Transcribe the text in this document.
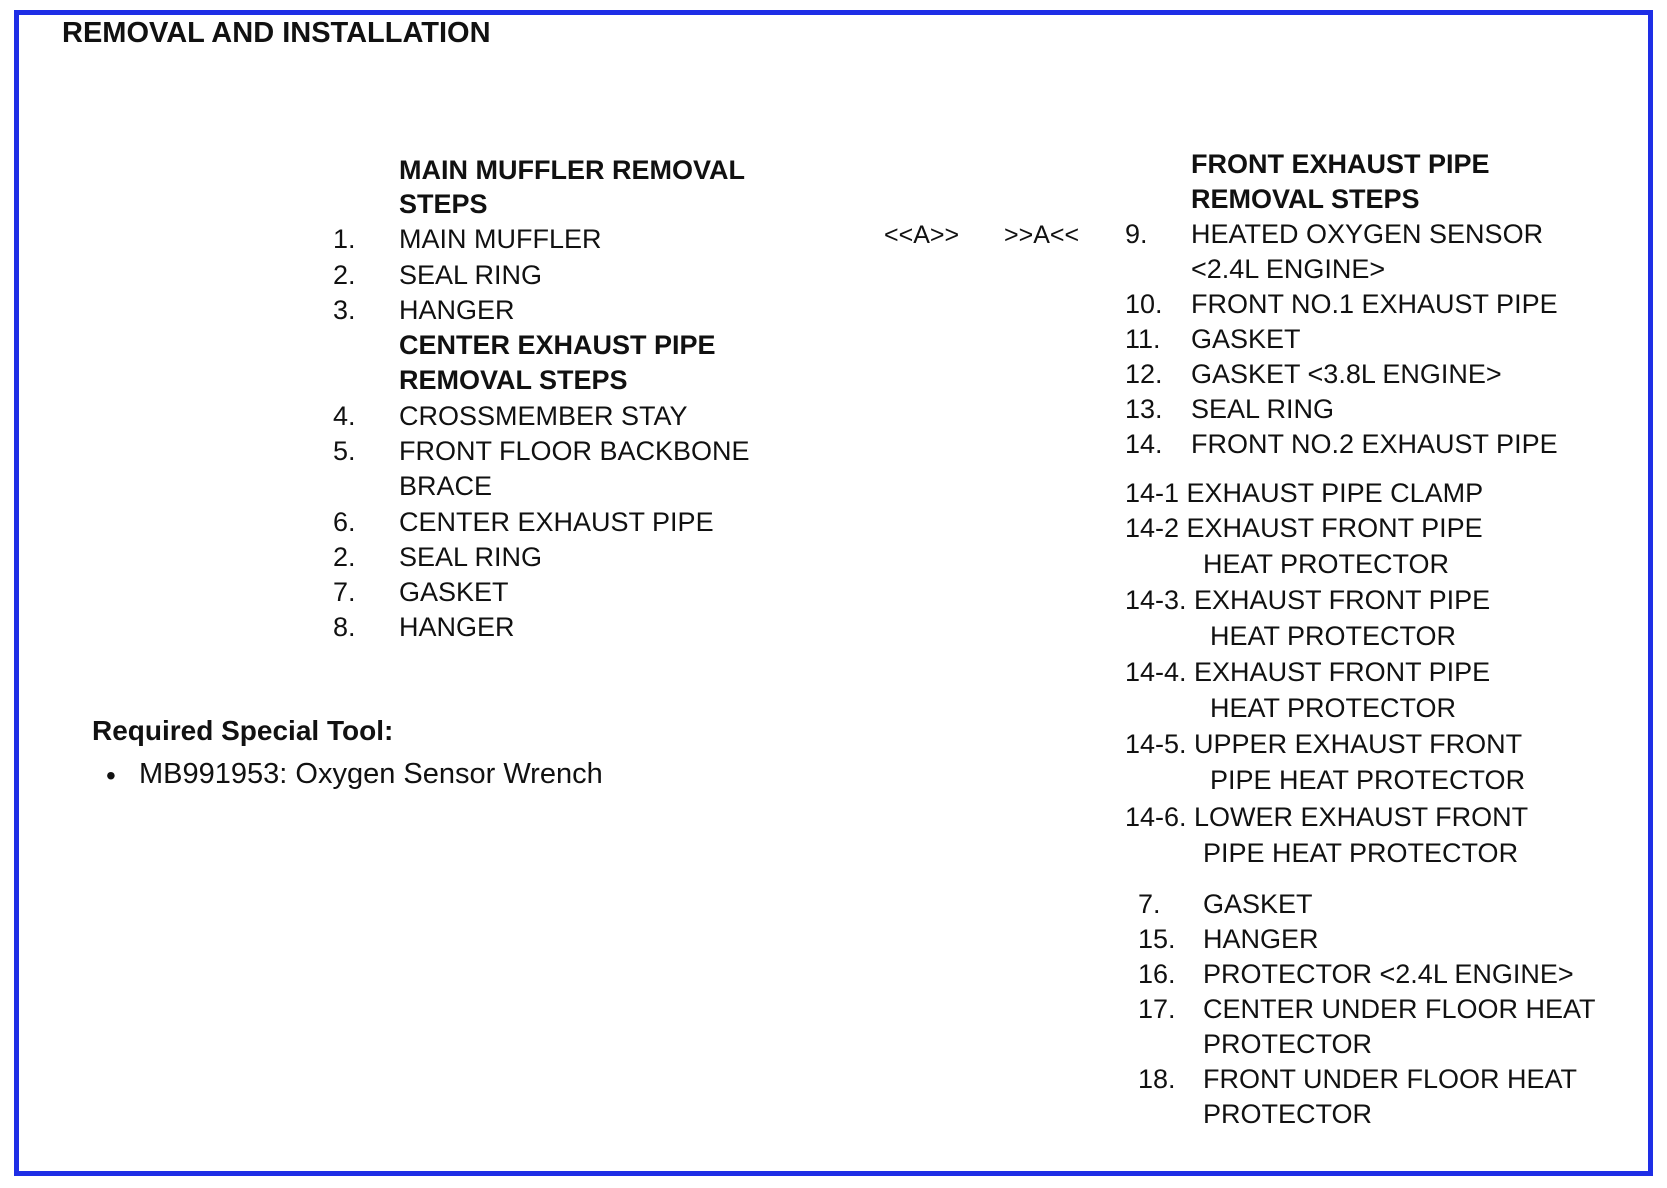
REMOVAL AND INSTALLATION
MAIN MUFFLER REMOVAL
STEPS
1. MAIN MUFFLER
2. SEAL RING
3. HANGER
CENTER EXHAUST PIPE
REMOVAL STEPS
4. CROSSMEMBER STAY
5. FRONT FLOOR BACKBONE
BRACE
6. CENTER EXHAUST PIPE
2. SEAL RING
7. GASKET
8. HANGER
<<A>> >>A<<
FRONT EXHAUST PIPE
REMOVAL STEPS
9. HEATED OXYGEN SENSOR
<2.4L ENGINE>
10. FRONT NO.1 EXHAUST PIPE
11. GASKET
12. GASKET <3.8L ENGINE>
13. SEAL RING
14. FRONT NO.2 EXHAUST PIPE
14-1 EXHAUST PIPE CLAMP
14-2 EXHAUST FRONT PIPE
HEAT PROTECTOR
14-3. EXHAUST FRONT PIPE
HEAT PROTECTOR
14-4. EXHAUST FRONT PIPE
HEAT PROTECTOR
14-5. UPPER EXHAUST FRONT
PIPE HEAT PROTECTOR
14-6. LOWER EXHAUST FRONT
PIPE HEAT PROTECTOR
7. GASKET
15. HANGER
16. PROTECTOR <2.4L ENGINE>
17. CENTER UNDER FLOOR HEAT
PROTECTOR
18. FRONT UNDER FLOOR HEAT
PROTECTOR
Required Special Tool:
• MB991953: Oxygen Sensor Wrench
